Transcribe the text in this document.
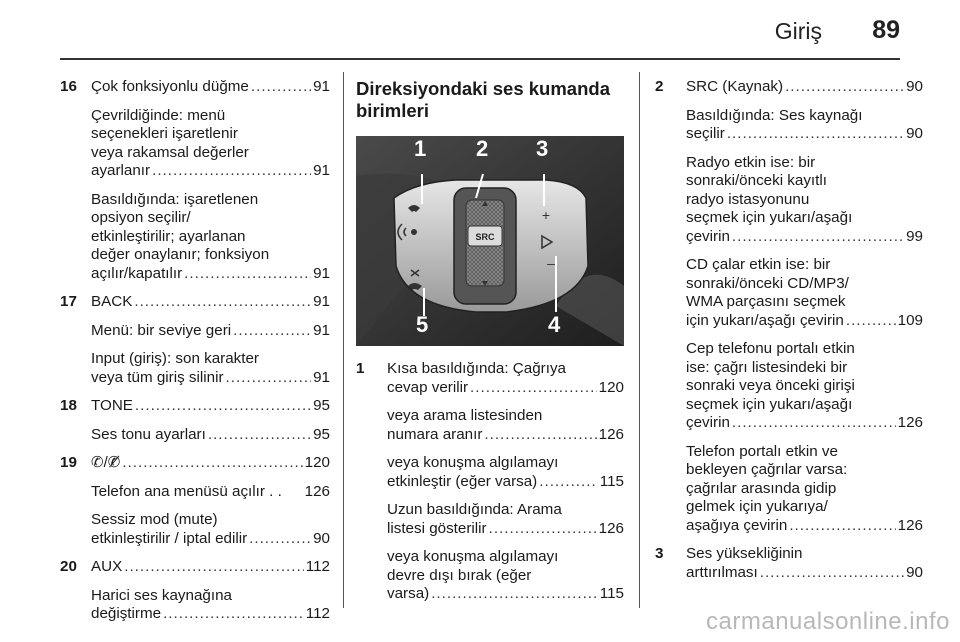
Giriş 89
16 Çok fonksiyonlu düğme .....	91
Çevrildiğinde: menü
seçenekleri işaretlenir
veya rakamsal değerler
ayarlanır .....	91
Basıldığında: işaretlenen
opsiyon seçilir/
etkinleştirilir; ayarlanan
değer onaylanır; fonksiyon
açılır/kapatılır .....	91
17 BACK .....	91
Menü: bir seviye geri .....	91
Input (giriş): son karakter
veya tüm giriş silinir .....	91
18 TONE .....	95
Ses tonu ayarları .....	95
19 ✆/✆̸ .....	120
Telefon ana menüsü açılır . . 126
Sessiz mod (mute)
etkinleştirilir / iptal edilir .....	90
20 AUX .....	112
Harici ses kaynağına
değiştirme .....	112
Direksiyondaki ses kumanda
birimleri
SRC
+
–
1 2 3
4
5
1 Kısa basıldığında: Çağrıya
cevap verilir .....	120
veya arama listesinden
numara aranır .....	126
veya konuşma algılamayı
etkinleştir (eğer varsa) .....	115
Uzun basıldığında: Arama
listesi gösterilir .....	126
veya konuşma algılamayı
devre dışı bırak (eğer
varsa) .....	115
2 SRC (Kaynak) .....	90
Basıldığında: Ses kaynağı
seçilir .....	90
Radyo etkin ise: bir
sonraki/önceki kayıtlı
radyo istasyonunu
seçmek için yukarı/aşağı
çevirin .....	99
CD çalar etkin ise: bir
sonraki/önceki CD/MP3/
WMA parçasını seçmek
için yukarı/aşağı çevirin .....	109
Cep telefonu portalı etkin
ise: çağrı listesindeki bir
sonraki veya önceki girişi
seçmek için yukarı/aşağı
çevirin .....	126
Telefon portalı etkin ve
bekleyen çağrılar varsa:
çağrılar arasında gidip
gelmek için yukarıya/
aşağıya çevirin .....	126
3 Ses yüksekliğinin
arttırılması .....	90
carmanualsonline.info
